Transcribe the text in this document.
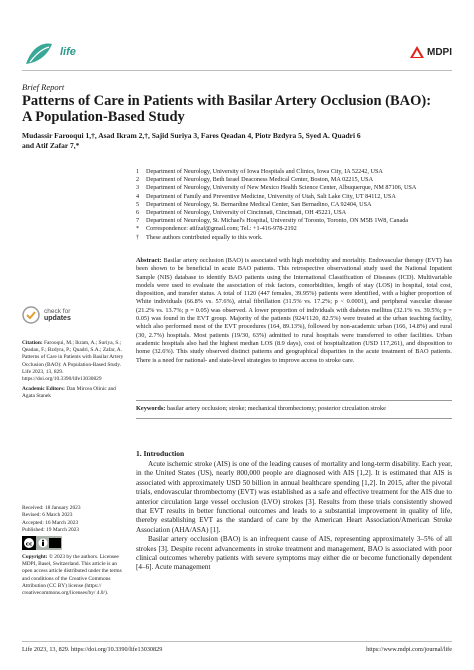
life	MDPI
Brief Report
Patterns of Care in Patients with Basilar Artery Occlusion (BAO): A Population-Based Study
Mudassir Farooqui 1,†, Asad Ikram 2,†, Sajid Suriya 3, Fares Qeadan 4, Piotr Bzdyra 5, Syed A. Quadri 6
and Atif Zafar 7,*
1	Department of Neurology, University of Iowa Hospitals and Clinics, Iowa City, IA 52242, USA
2	Department of Neurology, Beth Israel Deaconess Medical Center, Boston, MA 02215, USA
3	Department of Neurology, University of New Mexico Health Science Center, Albuquerque, NM 87106, USA
4	Department of Family and Preventive Medicine, University of Utah, Salt Lake City, UT 84112, USA
5	Department of Neurology, St. Bernardine Medical Center, San Bernadino, CA 92404, USA
6	Department of Neurology, University of Cincinnati, Cincinnati, OH 45221, USA
7	Department of Neurology, St. Michael's Hospital, University of Toronto, Toronto, ON M5B 1W8, Canada
*	Correspondence: atifzaf@gmail.com; Tel.: +1-416-978-2192
†	These authors contributed equally to this work.
Abstract: Basilar artery occlusion (BAO) is associated with high morbidity and mortality. Endovascular therapy (EVT) has been shown to be beneficial in acute BAO patients. This retrospective observational study used the National Inpatient Sample (NIS) database to identify BAO patients using the International Classification of Diseases (ICD). Multivariable models were used to evaluate the association of risk factors, comorbidities, length of stay (LOS) in hospital, total cost, disposition, and transfer status. A total of 1120 (447 females, 39.95%) patients were identified, with a higher proportion of White individuals (66.8% vs. 57.6%), atrial fibrillation (31.5% vs. 17.2%; p < 0.0001), and peripheral vascular disease (21.2% vs. 13.7%; p = 0.05) was observed. A lower proportion of individuals with diabetes mellitus (32.1% vs. 39.5%; p = 0.05) was found in the EVT group. Majority of the patients (924/1120, 82.5%) were treated at the urban teaching facility, which also performed most of the EVT procedures (164, 89.13%), followed by non-academic urban (166, 14.8%) and rural (30, 2.7%) hospitals. Most patients (19/30, 63%) admitted to rural hospitals were transferred to other facilities. Urban academic hospitals also had the highest median LOS (8.9 days), cost of hospitalization (USD 117,261), and disposition to home (32.6%). This study observed distinct patterns and geographical disparities in the acute treatment of BAO patients. There is a need for national- and state-level strategies to improve access to stroke care.
Keywords: basilar artery occlusion; stroke; mechanical thrombectomy; posterior circulation stroke
1. Introduction

Acute ischemic stroke (AIS) is one of the leading causes of mortality and long-term disability. Each year, in the United States (US), nearly 800,000 people are diagnosed with AIS [1,2]. It is estimated that AIS is associated with approximately USD 50 billion in annual healthcare spending [1,2]. In 2015, after the pivotal trials, endovascular thrombectomy (EVT) was established as a safe and effective treatment for the AIS due to anterior circulation large vessel occlusion (LVO) strokes [3]. Results from these trials consistently showed that EVT results in better functional outcomes and leads to a substantial improvement in quality of life, thereby establishing EVT as the standard of care by the American Heart Association/American Stroke Association (AHA/ASA) [1].

Basilar artery occlusion (BAO) is an infrequent cause of AIS, representing approximately 3–5% of all strokes [3]. Despite recent advancements in stroke treatment and management, BAO is associated with poor clinical outcomes whereby patients with severe symptoms may either die or become functionally dependent [4–6]. Acute management

check for
updates

Citation: Farooqui, M.; Ikram, A.; Suriya, S.; Qeadan, F.; Bzdyra, P.; Quadri, S.A.; Zafar, A. Patterns of Care in Patients with Basilar Artery Occlusion (BAO): A Population-Based Study. Life 2023, 13, 829. https://doi.org/10.3390/life13030829

Academic Editors: Dan Mircea Olinic and Agata Stanek

Received: 18 January 2023
Revised: 6 March 2023
Accepted: 16 March 2023
Published: 19 March 2023
cc
Copyright: © 2023 by the authors. Licensee MDPI, Basel, Switzerland. This article is an open access article distributed under the terms and conditions of the Creative Commons Attribution (CC BY) license (https:// creativecommons.org/licenses/by/ 4.0/).
Life 2023, 13, 829. https://doi.org/10.3390/life13030829	https://www.mdpi.com/journal/life
